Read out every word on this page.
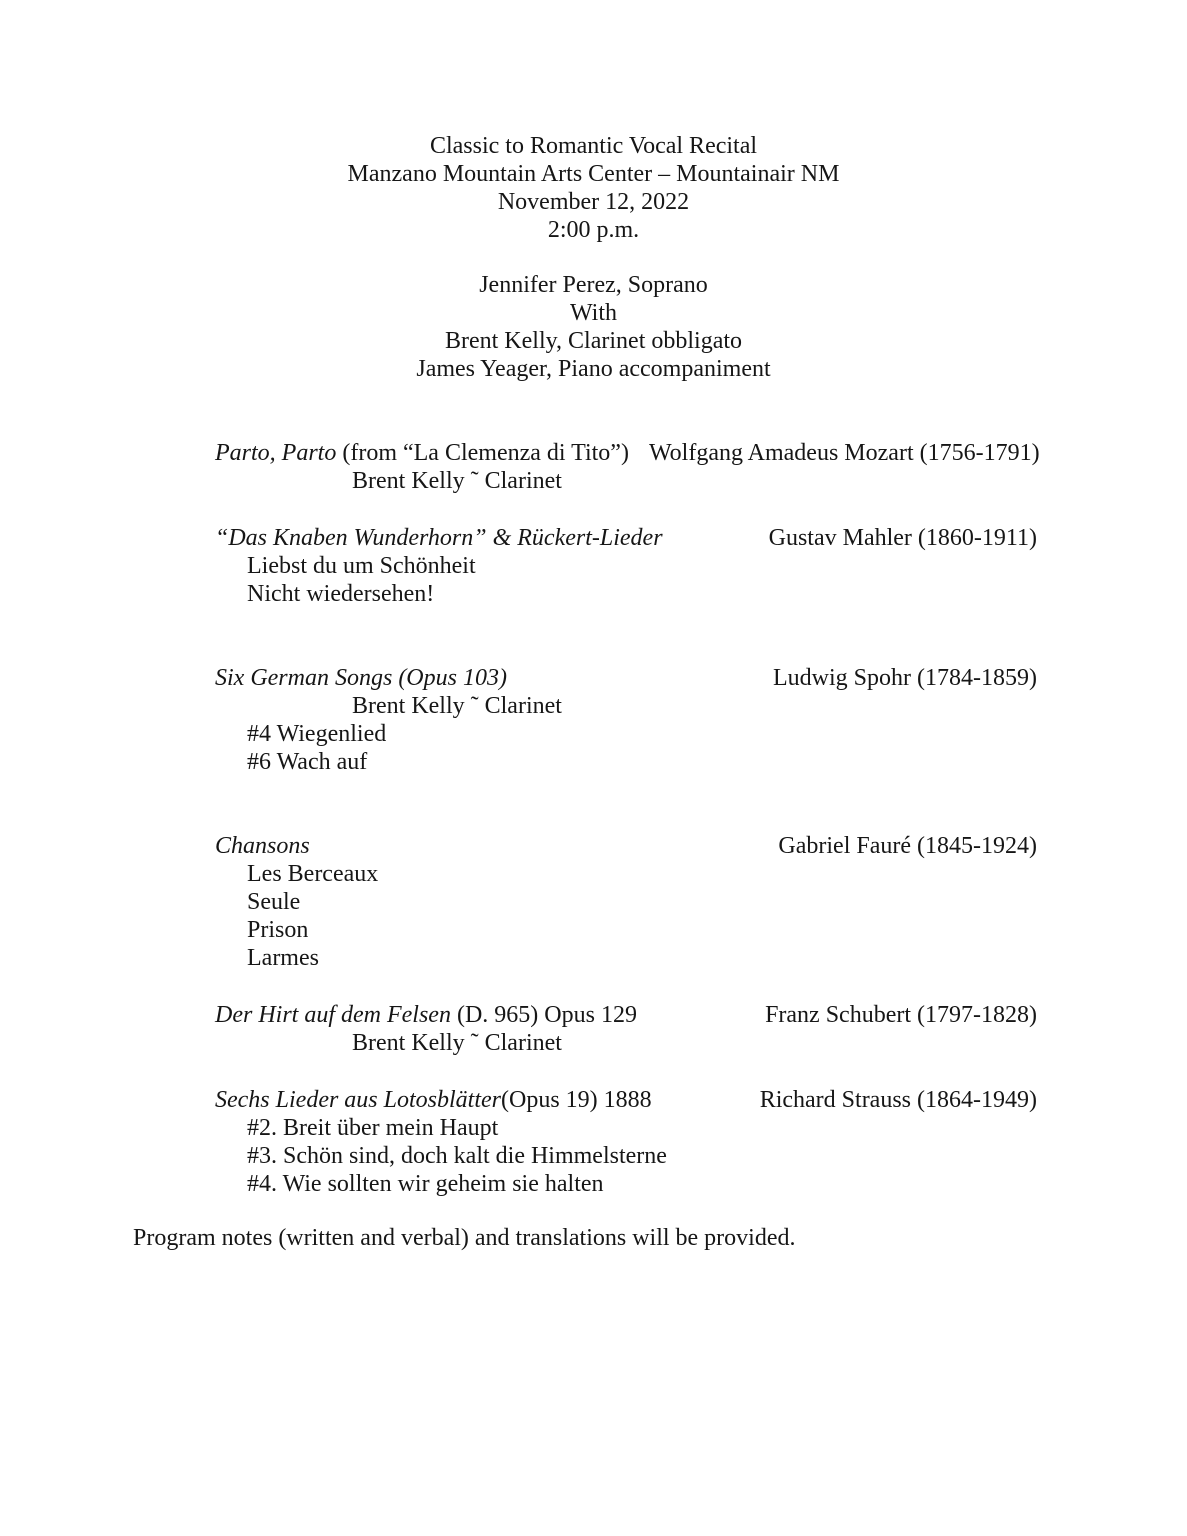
Classic to Romantic Vocal Recital
Manzano Mountain Arts Center – Mountainair NM
November 12, 2022
2:00 p.m.
Jennifer Perez, Soprano
With
Brent Kelly, Clarinet obbligato
James Yeager, Piano accompaniment
Parto, Parto (from “La Clemenza di Tito”) Wolfgang Amadeus Mozart (1756-1791)
Brent Kelly ˜ Clarinet
“Das Knaben Wunderhorn” & Rückert-Lieder	Gustav Mahler (1860-1911)
Liebst du um Schönheit
Nicht wiedersehen!
Six German Songs (Opus 103)	Ludwig Spohr (1784-1859)
Brent Kelly ˜ Clarinet
#4 Wiegenlied
#6 Wach auf
Chansons	Gabriel Fauré (1845-1924)
Les Berceaux
Seule
Prison
Larmes
Der Hirt auf dem Felsen (D. 965) Opus 129	Franz Schubert (1797-1828)
Brent Kelly ˜ Clarinet
Sechs Lieder aus Lotosblätter(Opus 19) 1888	Richard Strauss (1864-1949)
#2. Breit über mein Haupt
#3. Schön sind, doch kalt die Himmelsterne
#4. Wie sollten wir geheim sie halten
Program notes (written and verbal) and translations will be provided.
